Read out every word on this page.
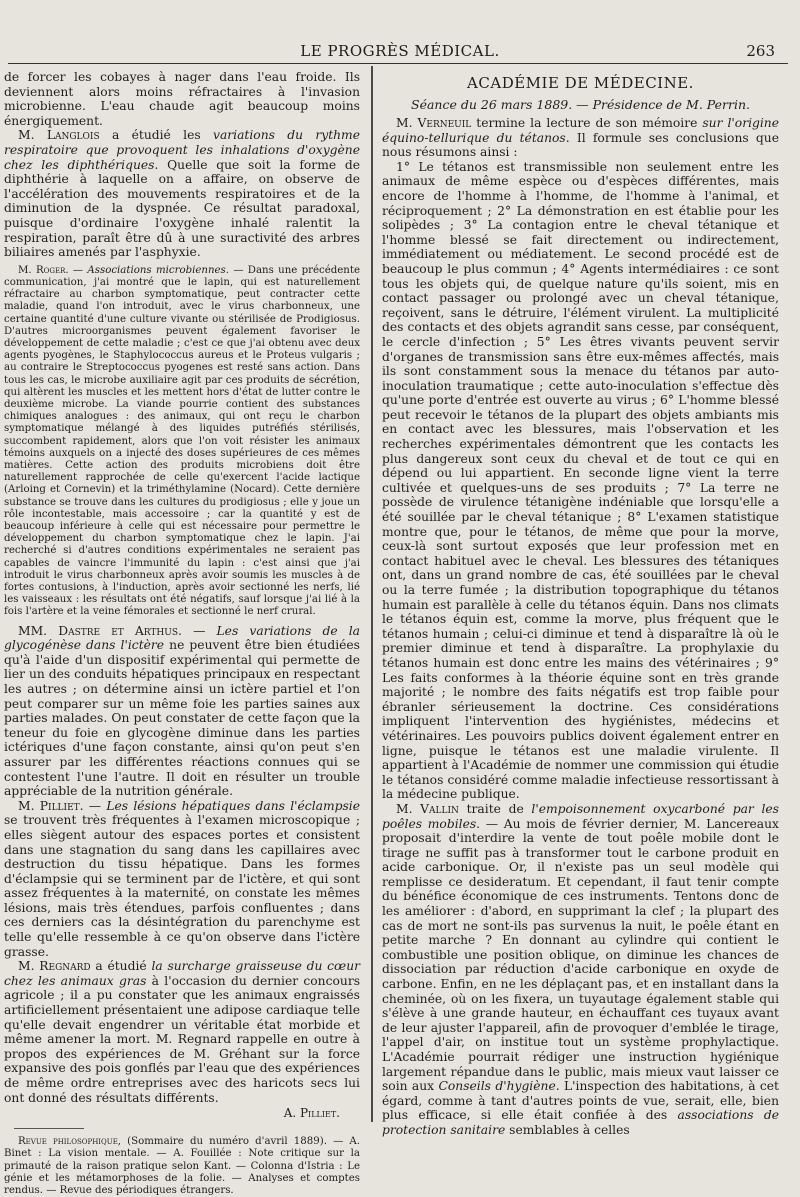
LE PROGRÈS MÉDICAL.	263

de forcer les cobayes à nager dans l'eau froide. Ils deviennent alors moins réfractaires à l'invasion microbienne. L'eau chaude agit beaucoup moins énergiquement.

M. Langlois a étudié les variations du rythme respiratoire que provoquent les inhalations d'oxygène chez les diphthériques. Quelle que soit la forme de diphthérie à laquelle on a affaire, on observe de l'accélération des mouvements respiratoires et de la diminution de la dyspnée. Ce résultat paradoxal, puisque d'ordinaire l'oxygène inhalé ralentit la respiration, paraît être dû à une suractivité des arbres biliaires amenés par l'asphyxie.

M. Roger. — Associations microbiennes. — Dans une précédente communication, j'ai montré que le lapin, qui est naturellement réfractaire au charbon symptomatique, peut contracter cette maladie, quand l'on introduit, avec le virus charbonneux, une certaine quantité d'une culture vivante ou stérilisée de Prodigiosus. D'autres microorganismes peuvent également favoriser le développement de cette maladie ; c'est ce que j'ai obtenu avec deux agents pyogènes, le Staphylococcus aureus et le Proteus vulgaris ; au contraire le Streptococcus pyogenes est resté sans action. Dans tous les cas, le microbe auxiliaire agit par ces produits de sécrétion, qui altèrent les muscles et les mettent hors d'état de lutter contre le deuxième microbe. La viande pourrie contient des substances chimiques analogues : des animaux, qui ont reçu le charbon symptomatique mélangé à des liquides putréfiés stérilisés, succombent rapidement, alors que l'on voit résister les animaux témoins auxquels on a injecté des doses supérieures de ces mêmes matières. Cette action des produits microbiens doit être naturellement rapprochée de celle qu'exercent l'acide lactique (Arloing et Cornevin) et la triméthylamine (Nocard). Cette dernière substance se trouve dans les cultures du prodigiosus ; elle y joue un rôle incontestable, mais accessoire ; car la quantité y est de beaucoup inférieure à celle qui est nécessaire pour permettre le développement du charbon symptomatique chez le lapin. J'ai recherché si d'autres conditions expérimentales ne seraient pas capables de vaincre l'immunité du lapin : c'est ainsi que j'ai introduit le virus charbonneux après avoir soumis les muscles à de fortes contusions, à l'induction, après avoir sectionné les nerfs, lié les vaisseaux : les résultats ont été négatifs, sauf lorsque j'ai lié à la fois l'artère et la veine fémorales et sectionné le nerf crural.

MM. Dastre et Arthus. — Les variations de la glycogénèse dans l'ictère ne peuvent être bien étudiées qu'à l'aide d'un dispositif expérimental qui permette de lier un des conduits hépatiques principaux en respectant les autres ; on détermine ainsi un ictère partiel et l'on peut comparer sur un même foie les parties saines aux parties malades. On peut constater de cette façon que la teneur du foie en glycogène diminue dans les parties ictériques d'une façon constante, ainsi qu'on peut s'en assurer par les différentes réactions connues qui se contestent l'une l'autre. Il doit en résulter un trouble appréciable de la nutrition générale.

M. Pilliet. — Les lésions hépatiques dans l'éclampsie se trouvent très fréquentes à l'examen microscopique ; elles siègent autour des espaces portes et consistent dans une stagnation du sang dans les capillaires avec destruction du tissu hépatique. Dans les formes d'éclampsie qui se terminent par de l'ictère, et qui sont assez fréquentes à la maternité, on constate les mêmes lésions, mais très étendues, parfois confluentes ; dans ces derniers cas la désintégration du parenchyme est telle qu'elle ressemble à ce qu'on observe dans l'ictère grasse.

M. Regnard a étudié la surcharge graisseuse du cœur chez les animaux gras à l'occasion du dernier concours agricole ; il a pu constater que les animaux engraissés artificiellement présentaient une adipose cardiaque telle qu'elle devait engendrer un véritable état morbide et même amener la mort. M. Regnard rappelle en outre à propos des expériences de M. Gréhant sur la force expansive des pois gonflés par l'eau que des expériences de même ordre entreprises avec des haricots secs lui ont donné des résultats différents.

A. Pilliet.

Revue philosophique, (Sommaire du numéro d'avril 1889). — A. Binet : La vision mentale. — A. Fouillée : Note critique sur la primauté de la raison pratique selon Kant. — Colonna d'Istria : Le génie et les métamorphoses de la folie. — Analyses et comptes rendus. — Revue des périodiques étrangers.

ACADÉMIE DE MÉDECINE.
Séance du 26 mars 1889. — Présidence de M. Perrin.

M. Verneuil termine la lecture de son mémoire sur l'origine équino-tellurique du tétanos. Il formule ses conclusions que nous résumons ainsi :

1° Le tétanos est transmissible non seulement entre les animaux de même espèce ou d'espèces différentes, mais encore de l'homme à l'homme, de l'homme à l'animal, et réciproquement ; 2° La démonstration en est établie pour les solipèdes ; 3° La contagion entre le cheval tétanique et l'homme blessé se fait directement ou indirectement, immédiatement ou médiatement. Le second procédé est de beaucoup le plus commun ; 4° Agents intermédiaires : ce sont tous les objets qui, de quelque nature qu'ils soient, mis en contact passager ou prolongé avec un cheval tétanique, reçoivent, sans le détruire, l'élément virulent. La multiplicité des contacts et des objets agrandit sans cesse, par conséquent, le cercle d'infection ; 5° Les êtres vivants peuvent servir d'organes de transmission sans être eux-mêmes affectés, mais ils sont constamment sous la menace du tétanos par auto-inoculation traumatique ; cette auto-inoculation s'effectue dès qu'une porte d'entrée est ouverte au virus ; 6° L'homme blessé peut recevoir le tétanos de la plupart des objets ambiants mis en contact avec les blessures, mais l'observation et les recherches expérimentales démontrent que les contacts les plus dangereux sont ceux du cheval et de tout ce qui en dépend ou lui appartient. En seconde ligne vient la terre cultivée et quelques-uns de ses produits ; 7° La terre ne possède de virulence tétanigène indéniable que lorsqu'elle a été souillée par le cheval tétanique ; 8° L'examen statistique montre que, pour le tétanos, de même que pour la morve, ceux-là sont surtout exposés que leur profession met en contact habituel avec le cheval. Les blessures des tétaniques ont, dans un grand nombre de cas, été souillées par le cheval ou la terre fumée ; la distribution topographique du tétanos humain est parallèle à celle du tétanos équin. Dans nos climats le tétanos équin est, comme la morve, plus fréquent que le tétanos humain ; celui-ci diminue et tend à disparaître là où le premier diminue et tend à disparaître. La prophylaxie du tétanos humain est donc entre les mains des vétérinaires ; 9° Les faits conformes à la théorie équine sont en très grande majorité ; le nombre des faits négatifs est trop faible pour ébranler sérieusement la doctrine. Ces considérations impliquent l'intervention des hygiénistes, médecins et vétérinaires. Les pouvoirs publics doivent également entrer en ligne, puisque le tétanos est une maladie virulente. Il appartient à l'Académie de nommer une commission qui étudie le tétanos considéré comme maladie infectieuse ressortissant à la médecine publique.

M. Vallin traite de l'empoisonnement oxycarboné par les poêles mobiles. — Au mois de février dernier, M. Lancereaux proposait d'interdire la vente de tout poêle mobile dont le tirage ne suffit pas à transformer tout le carbone produit en acide carbonique. Or, il n'existe pas un seul modèle qui remplisse ce desideratum. Et cependant, il faut tenir compte du bénéfice économique de ces instruments. Tentons donc de les améliorer : d'abord, en supprimant la clef ; la plupart des cas de mort ne sont-ils pas survenus la nuit, le poêle étant en petite marche ? En donnant au cylindre qui contient le combustible une position oblique, on diminue les chances de dissociation par réduction d'acide carbonique en oxyde de carbone. Enfin, en ne les déplaçant pas, et en installant dans la cheminée, où on les fixera, un tuyautage également stable qui s'élève à une grande hauteur, en échauffant ces tuyaux avant de leur ajuster l'appareil, afin de provoquer d'emblée le tirage, l'appel d'air, on institue tout un système prophylactique. L'Académie pourrait rédiger une instruction hygiénique largement répandue dans le public, mais mieux vaut laisser ce soin aux Conseils d'hygiène. L'inspection des habitations, à cet égard, comme à tant d'autres points de vue, serait, elle, bien plus efficace, si elle était confiée à des associations de protection sanitaire semblables à celles
